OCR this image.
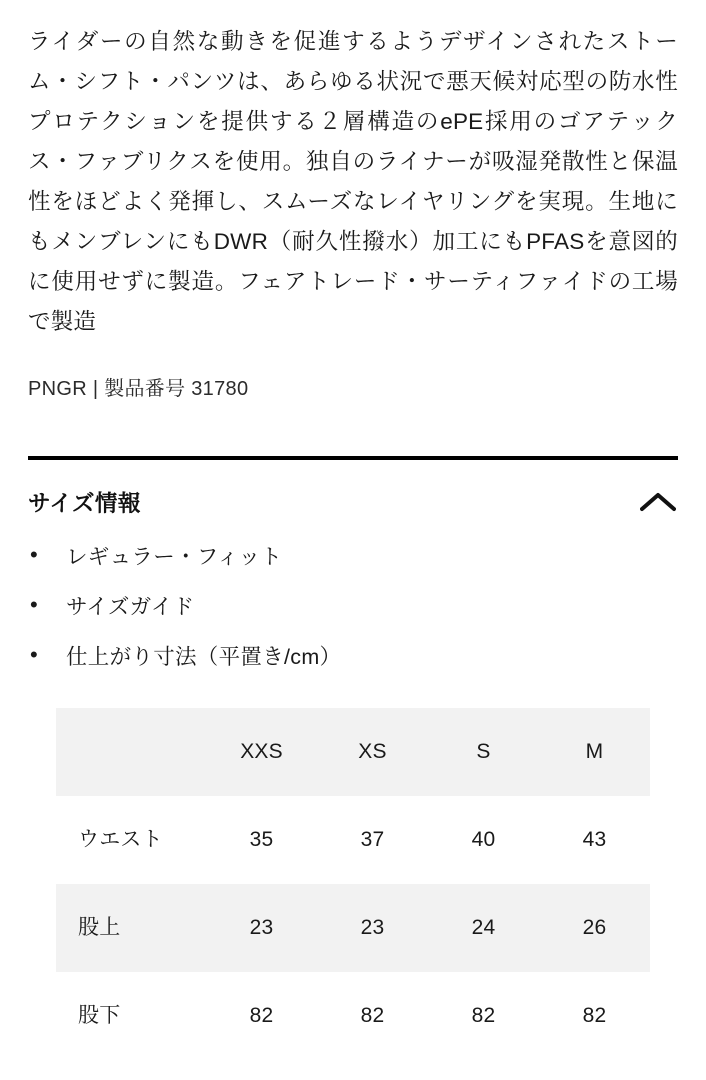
ライダーの自然な動きを促進するようデザインされたストーム・シフト・パンツは、あらゆる状況で悪天候対応型の防水性プロテクションを提供する２層構造のePE採用のゴアテックス・ファブリクスを使用。独自のライナーが吸湿発散性と保温性をほどよく発揮し、スムーズなレイヤリングを実現。生地にもメンブレンにもDWR（耐久性撥水）加工にもPFASを意図的に使用せずに製造。フェアトレード・サーティファイドの工場で製造

PNGR | 製品番号 31780

サイズ情報
• レギュラー・フィット
• サイズガイド
• 仕上がり寸法（平置き/cm）
	XXS	XS	S	M
ウエスト	35	37	40	43
股上	23	23	24	26
股下	82	82	82	82
